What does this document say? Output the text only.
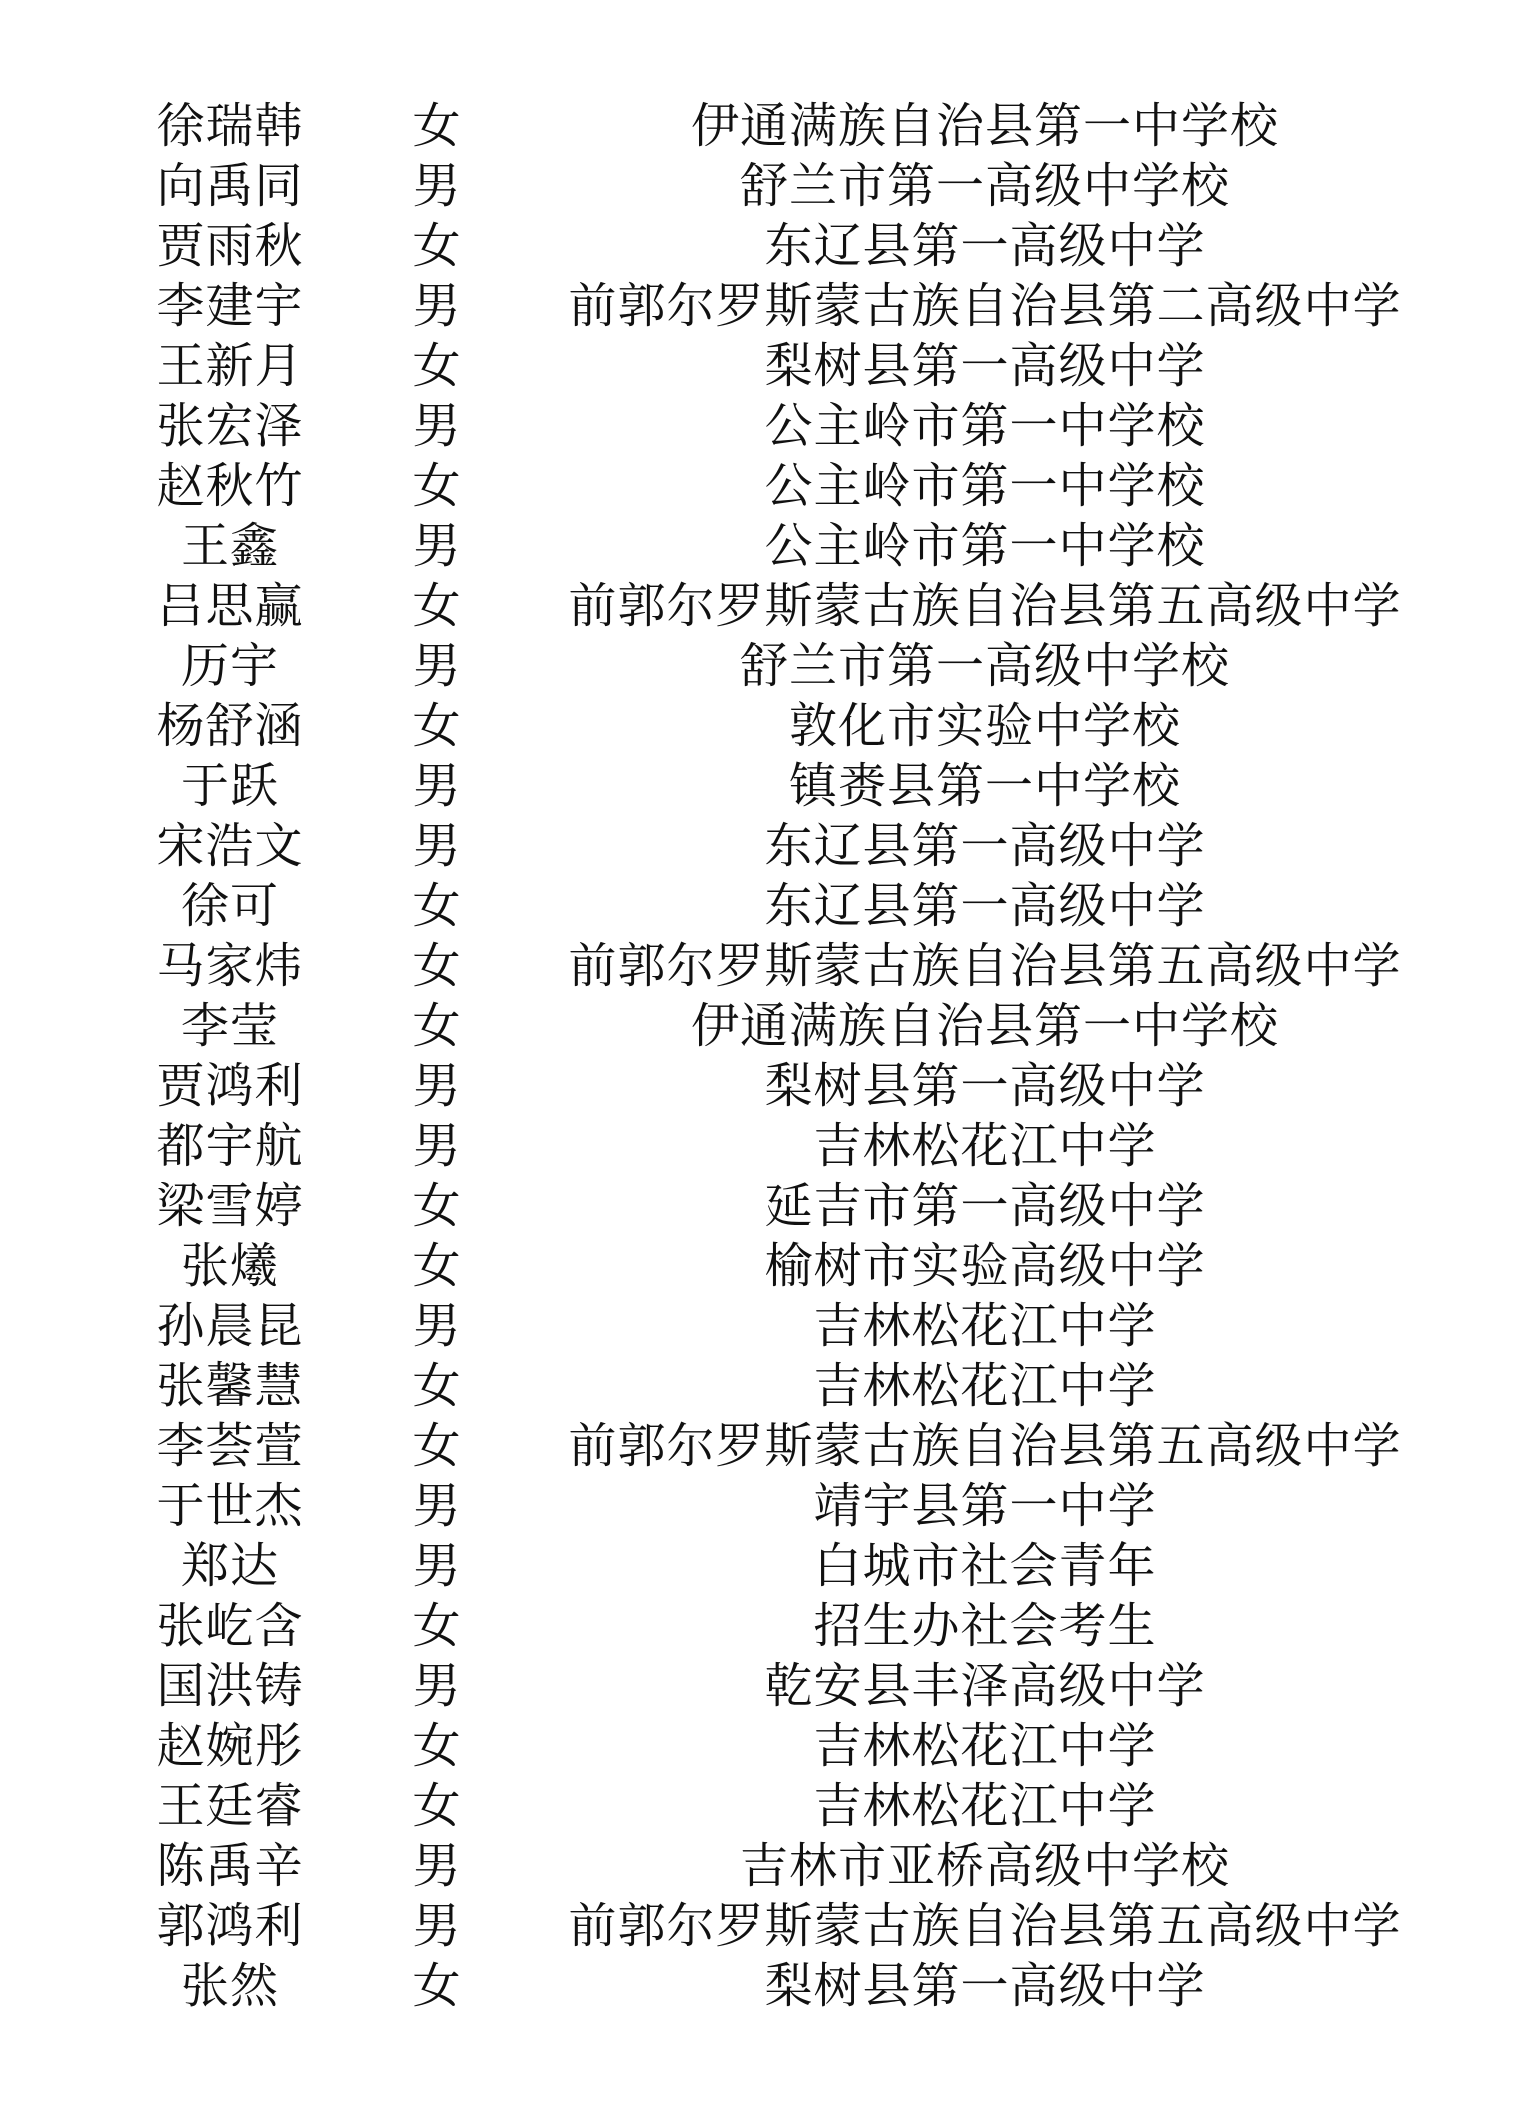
徐瑞韩	女	伊通满族自治县第一中学校
向禹同	男	舒兰市第一高级中学校
贾雨秋	女	东辽县第一高级中学
李建宇	男	前郭尔罗斯蒙古族自治县第二高级中学
王新月	女	梨树县第一高级中学
张宏泽	男	公主岭市第一中学校
赵秋竹	女	公主岭市第一中学校
王鑫	男	公主岭市第一中学校
吕思赢	女	前郭尔罗斯蒙古族自治县第五高级中学
历宇	男	舒兰市第一高级中学校
杨舒涵	女	敦化市实验中学校
于跃	男	镇赉县第一中学校
宋浩文	男	东辽县第一高级中学
徐可	女	东辽县第一高级中学
马家炜	女	前郭尔罗斯蒙古族自治县第五高级中学
李莹	女	伊通满族自治县第一中学校
贾鸿利	男	梨树县第一高级中学
都宇航	男	吉林松花江中学
梁雪婷	女	延吉市第一高级中学
张爔	女	榆树市实验高级中学
孙晨昆	男	吉林松花江中学
张馨慧	女	吉林松花江中学
李荟萱	女	前郭尔罗斯蒙古族自治县第五高级中学
于世杰	男	靖宇县第一中学
郑达	男	白城市社会青年
张屹含	女	招生办社会考生
国洪铸	男	乾安县丰泽高级中学
赵婉彤	女	吉林松花江中学
王廷睿	女	吉林松花江中学
陈禹辛	男	吉林市亚桥高级中学校
郭鸿利	男	前郭尔罗斯蒙古族自治县第五高级中学
张然	女	梨树县第一高级中学
